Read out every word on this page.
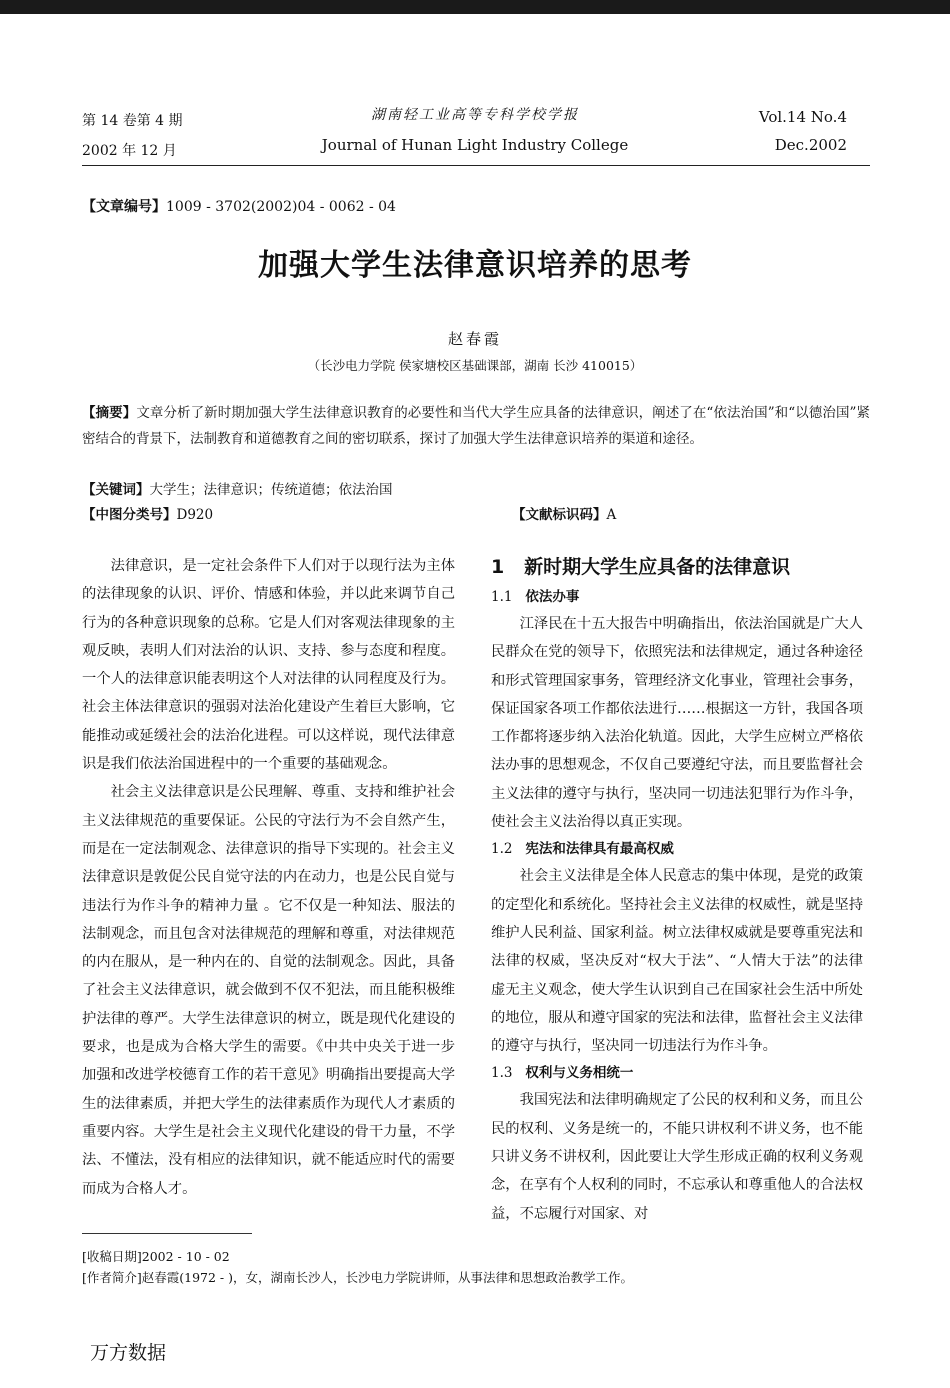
第 14 卷第 4 期
2002 年 12 月
湖南轻工业高等专科学校学报
Journal of Hunan Light Industry College
Vol.14 No.4
Dec.2002
【文章编号】1009 - 3702(2002)04 - 0062 - 04
加强大学生法律意识培养的思考
赵春霞
（长沙电力学院 侯家塘校区基础课部，湖南 长沙 410015）
【摘要】文章分析了新时期加强大学生法律意识教育的必要性和当代大学生应具备的法律意识，阐述了在“依法治国”和“以德治国”紧密结合的背景下，法制教育和道德教育之间的密切联系，探讨了加强大学生法律意识培养的渠道和途径。
【关键词】大学生；法律意识；传统道德；依法治国
【中图分类号】D920	【文献标识码】A

法律意识，是一定社会条件下人们对于以现行法为主体的法律现象的认识、评价、情感和体验，并以此来调节自己行为的各种意识现象的总称。它是人们对客观法律现象的主观反映，表明人们对法治的认识、支持、参与态度和程度。一个人的法律意识能表明这个人对法律的认同程度及行为。社会主体法律意识的强弱对法治化建设产生着巨大影响，它能推动或延缓社会的法治化进程。可以这样说，现代法律意识是我们依法治国进程中的一个重要的基础观念。

社会主义法律意识是公民理解、尊重、支持和维护社会主义法律规范的重要保证。公民的守法行为不会自然产生，而是在一定法制观念、法律意识的指导下实现的。社会主义法律意识是敦促公民自觉守法的内在动力，也是公民自觉与违法行为作斗争的精神力量 。它不仅是一种知法、服法的法制观念，而且包含对法律规范的理解和尊重，对法律规范的内在服从，是一种内在的、自觉的法制观念。因此，具备了社会主义法律意识，就会做到不仅不犯法，而且能积极维护法律的尊严。大学生法律意识的树立，既是现代化建设的要求，也是成为合格大学生的需要。《中共中央关于进一步加强和改进学校德育工作的若干意见》明确指出要提高大学生的法律素质，并把大学生的法律素质作为现代人才素质的重要内容。大学生是社会主义现代化建设的骨干力量，不学法、不懂法，没有相应的法律知识，就不能适应时代的需要而成为合格人才。

1 新时期大学生应具备的法律意识
1.1 依法办事

江泽民在十五大报告中明确指出，依法治国就是广大人民群众在党的领导下，依照宪法和法律规定，通过各种途径和形式管理国家事务，管理经济文化事业，管理社会事务，保证国家各项工作都依法进行……根据这一方针，我国各项工作都将逐步纳入法治化轨道。因此，大学生应树立严格依法办事的思想观念，不仅自己要遵纪守法，而且要监督社会主义法律的遵守与执行，坚决同一切违法犯罪行为作斗争，使社会主义法治得以真正实现。

1.2 宪法和法律具有最高权威

社会主义法律是全体人民意志的集中体现，是党的政策的定型化和系统化。坚持社会主义法律的权威性，就是坚持维护人民利益、国家利益。树立法律权威就是要尊重宪法和法律的权威，坚决反对“权大于法”、“人情大于法”的法律虚无主义观念，使大学生认识到自己在国家社会生活中所处的地位，服从和遵守国家的宪法和法律，监督社会主义法律的遵守与执行，坚决同一切违法行为作斗争。

1.3 权利与义务相统一

我国宪法和法律明确规定了公民的权利和义务，而且公民的权利、义务是统一的，不能只讲权利不讲义务，也不能只讲义务不讲权利，因此要让大学生形成正确的权利义务观念，在享有个人权利的同时，不忘承认和尊重他人的合法权益，不忘履行对国家、对

[收稿日期]2002 - 10 - 02
[作者简介]赵春霞(1972 - )，女，湖南长沙人，长沙电力学院讲师，从事法律和思想政治教学工作。
万方数据
